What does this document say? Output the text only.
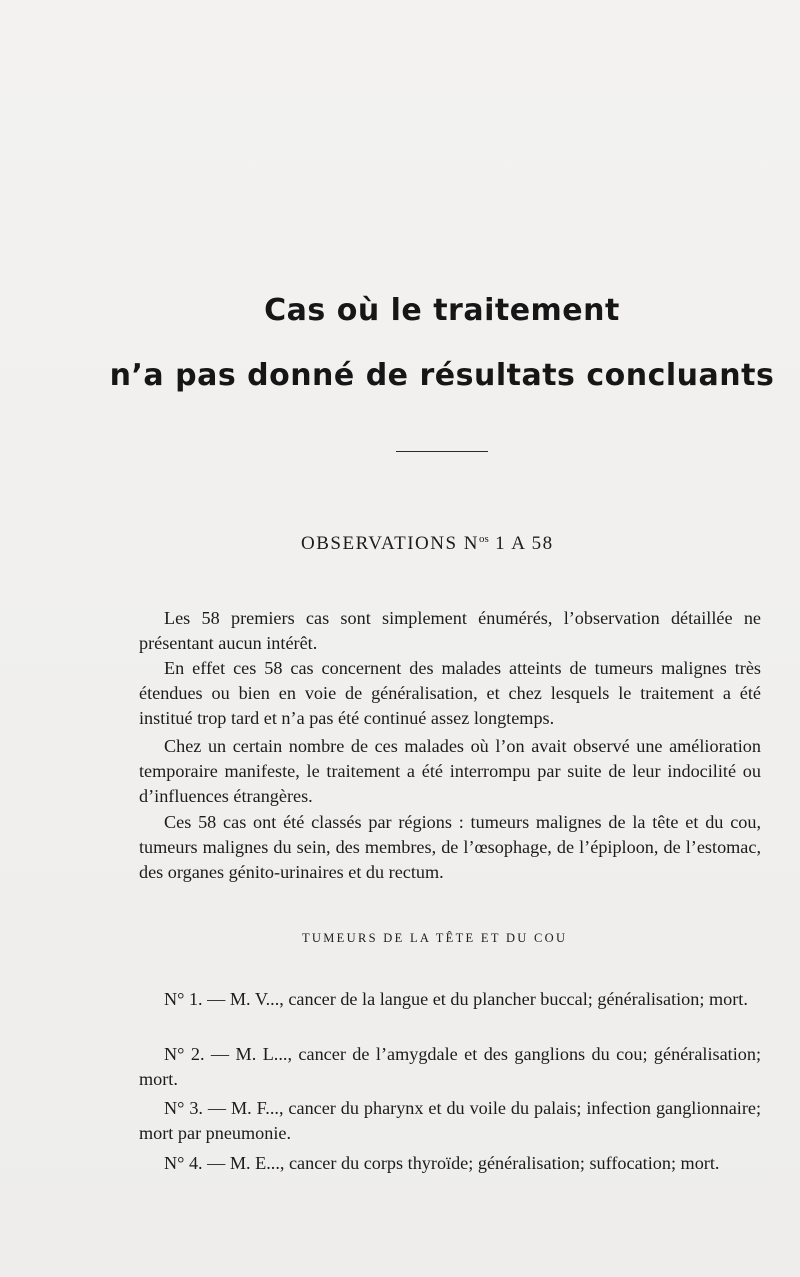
Cas où le traitement
n’a pas donné de résultats concluants
OBSERVATIONS $N^{os}$ 1 A 58

Les 58 premiers cas sont simplement énumérés, l’observation détaillée ne présentant aucun intérêt.

En effet ces 58 cas concernent des malades atteints de tumeurs malignes très étendues ou bien en voie de généralisation, et chez lesquels le traitement a été institué trop tard et n’a pas été continué assez longtemps.

Chez un certain nombre de ces malades où l’on avait observé une amélioration temporaire manifeste, le traitement a été interrompu par suite de leur indocilité ou d’influences étrangères.

Ces 58 cas ont été classés par régions : tumeurs malignes de la tête et du cou, tumeurs malignes du sein, des membres, de l’œsophage, de l’épiploon, de l’estomac, des organes génito-urinaires et du rectum.

TUMEURS DE LA TÊTE ET DU COU

N° 1. — M. V..., cancer de la langue et du plancher buccal; généralisation; mort.

N° 2. — M. L..., cancer de l’amygdale et des ganglions du cou; généralisation; mort.

N° 3. — M. F..., cancer du pharynx et du voile du palais; infection ganglionnaire; mort par pneumonie.

N° 4. — M. E..., cancer du corps thyroïde; généralisation; suffocation; mort.
